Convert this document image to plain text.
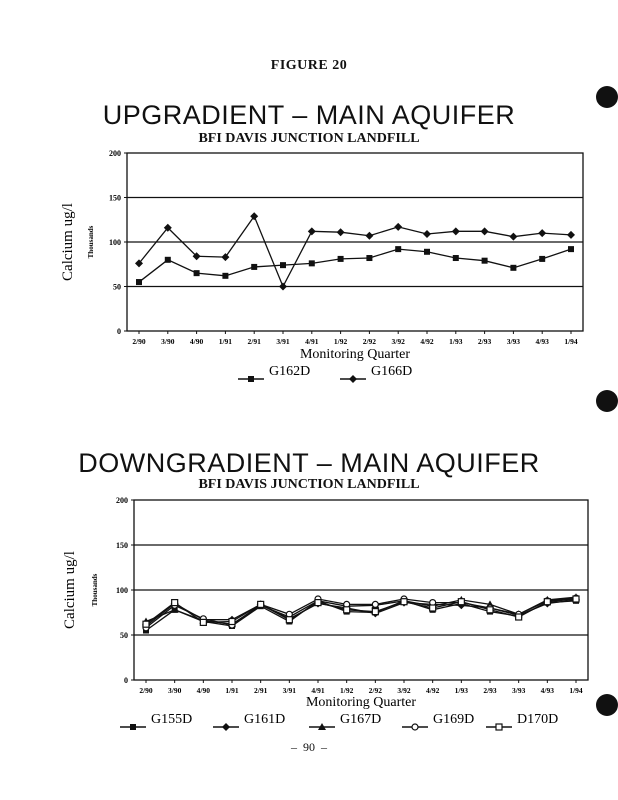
FIGURE 20
UPGRADIENT – MAIN AQUIFER
BFI DAVIS JUNCTION LANDFILL
DOWNGRADIENT – MAIN AQUIFER
BFI DAVIS JUNCTION LANDFILL
0
50
100
150
200
2/90 3/90 4/90 1/91 2/91 3/91 4/91 1/92 2/92 3/92 4/92 1/93 2/93 3/93 4/93 1/94
Monitoring Quarter
Calcium ug/l Thousands
G162D	G166D
0
50
100
150
200
2/90 3/90 4/90 1/91 2/91 3/91 4/91 1/92 2/92 3/92 4/92 1/93 2/93 3/93 4/93 1/94
Monitoring Quarter
Calcium ug/l Thousands
G155D	G161D	G167D	G169D	D170D
–  90  –
